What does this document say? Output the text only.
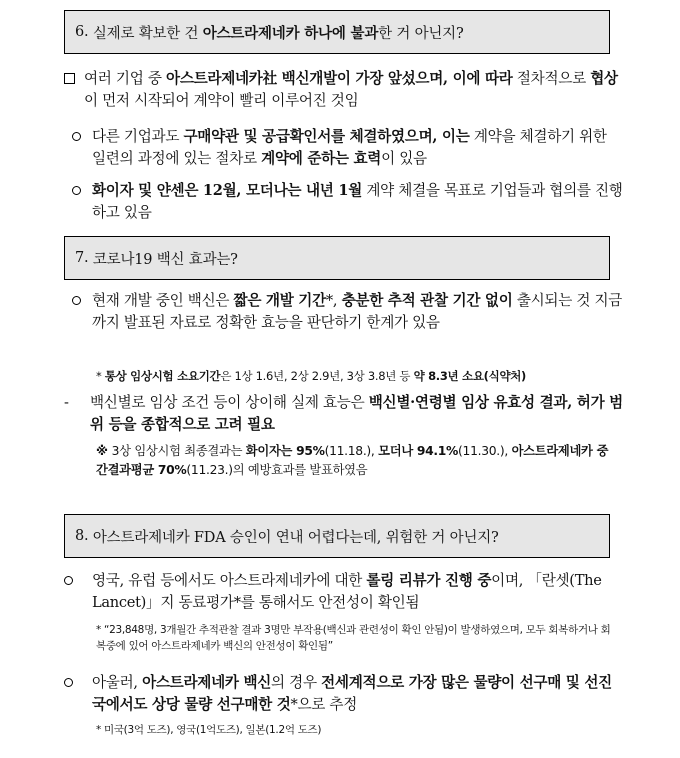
6.
실제로 확보한 건
아스트라제네카 하나에 불과 한 거 아닌지?
여러 기업 중 아스트라제네카社 백신개발이 가장 앞섰으며, 이에 따라 절차적으로 협상이 먼저 시작되어 계약이 빨리 이루어진 것임
다른 기업과도 구매약관 및 공급확인서를 체결하였으며, 이는 계약을 체결하기 위한 일련의 과정에 있는 절차로 계약에 준하는 효력이 있음
화이자 및 얀센은 12월, 모더나는 내년 1월 계약 체결을 목표로 기업들과 협의를 진행하고 있음
7.
코로나19 백신 효과는?
현재 개발 중인 백신은 짧은 개발 기간*, 충분한 추적 관찰 기간 없이 출시되는 것 지금까지 발표된 자료로 정확한 효능을 판단하기 한계가 있음
* 통상 임상시험 소요기간은 1상 1.6년, 2상 2.9년, 3상 3.8년 등 약 8.3년 소요(식약처)
-	백신별로 임상 조건 등이 상이해 실제 효능은 백신별·연령별 임상 유효성 결과, 허가 범위 등을 종합적으로 고려 필요
※ 3상 임상시험 최종결과는 화이자는 95%(11.18.), 모더나 94.1%(11.30.), 아스트라제네카 중간결과평균 70%(11.23.)의 예방효과를 발표하였음
8.
아스트라제네카 FDA 승인이 연내 어렵다는데, 위험한 거 아닌지?
영국, 유럽 등에서도 아스트라제네카에 대한 롤링 리뷰가 진행 중이며, 「란셋(The Lancet)」지 동료평가*를 통해서도 안전성이 확인됨
* “23,848명, 3개월간 추적관찰 결과 3명만 부작용(백신과 관련성이 확인 안됨)이 발생하였으며, 모두 회복하거나 회복중에 있어 아스트라제네카 백신의 안전성이 확인됨”
아울러, 아스트라제네카 백신의 경우 전세계적으로 가장 많은 물량이 선구매 및 선진국에서도 상당 물량 선구매한 것*으로 추정
* 미국(3억 도즈), 영국(1억도즈), 일본(1.2억 도즈)
